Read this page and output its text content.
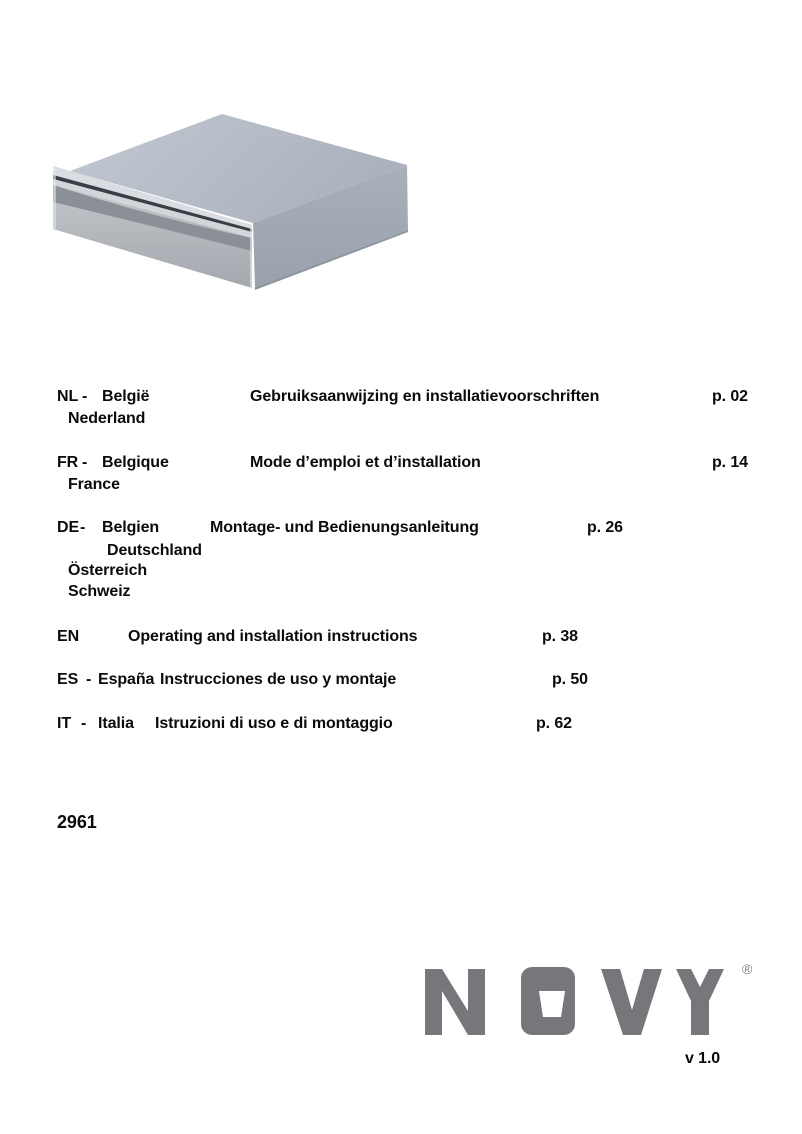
NL - België	Gebruiksaanwijzing en installatievoorschriften	p. 02
Nederland
FR - Belgique	Mode d’emploi et d’installation	p. 14
France
DE - Belgien	Montage- und Bedienungsanleitung	p. 26
Deutschland
Österreich
Schweiz
EN	Operating and installation instructions	p. 38
ES - España Instrucciones de uso y montaje	p. 50
IT - Italia Istruzioni di uso e di montaggio	p. 62
2961
®
v 1.0
